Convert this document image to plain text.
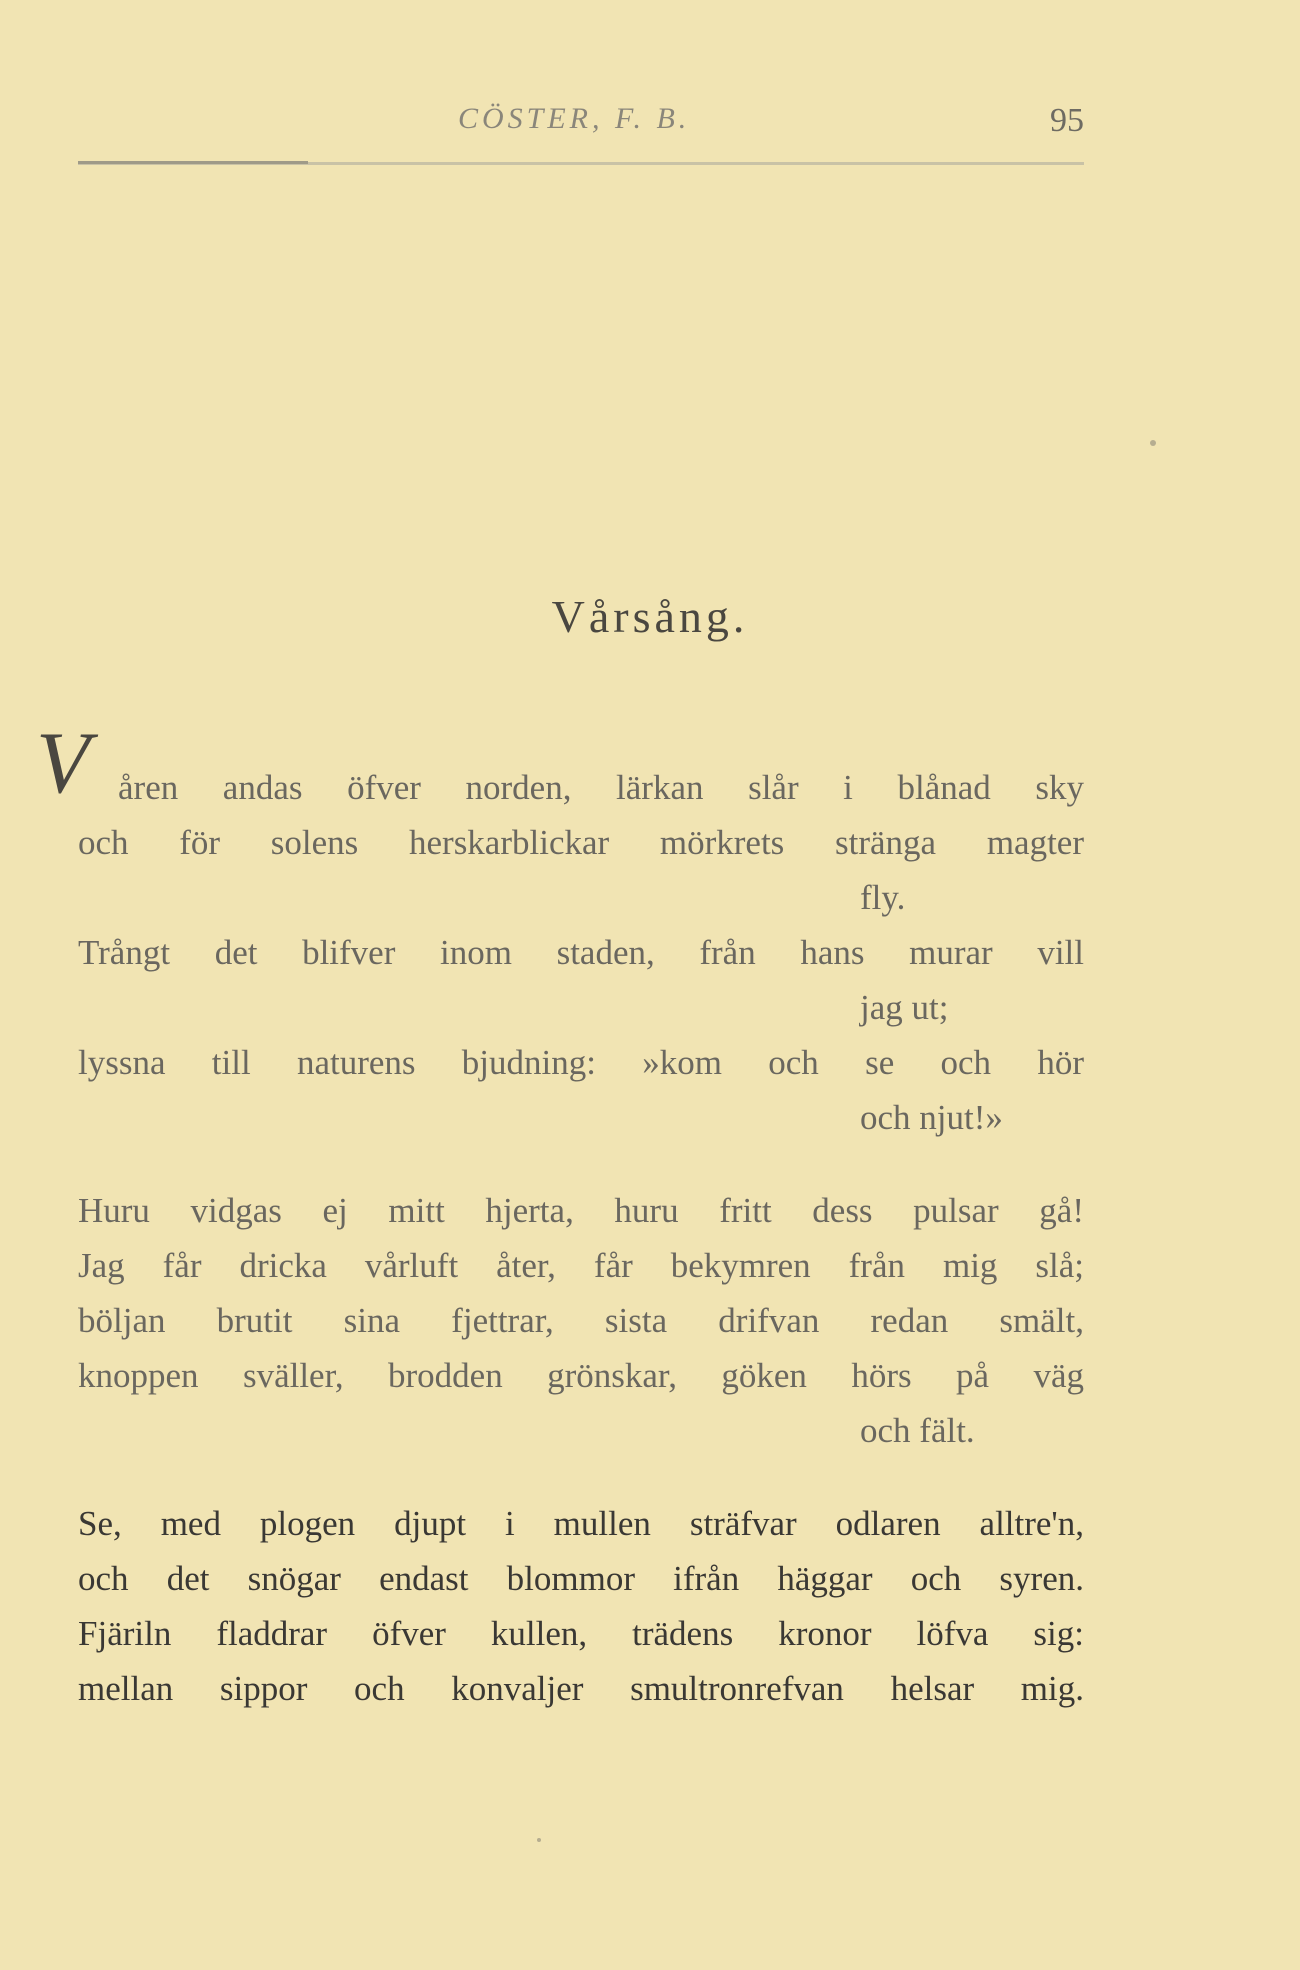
CÖSTER, F. B.	95
Vårsång.
V åren andas öfver norden, lärkan slår i blånad sky
och för solens herskarblickar mörkrets stränga magter
fly.
Trångt det blifver inom staden, från hans murar vill
jag ut;
lyssna till naturens bjudning: »kom och se och hör
och njut!»
Huru vidgas ej mitt hjerta, huru fritt dess pulsar gå!
Jag får dricka vårluft åter, får bekymren från mig slå;
böljan brutit sina fjettrar, sista drifvan redan smält,
knoppen sväller, brodden grönskar, göken hörs på väg
och fält.
Se, med plogen djupt i mullen sträfvar odlaren alltre'n,
och det snögar endast blommor ifrån häggar och syren.
Fjäriln fladdrar öfver kullen, trädens kronor löfva sig:
mellan sippor och konvaljer smultronrefvan helsar mig.
